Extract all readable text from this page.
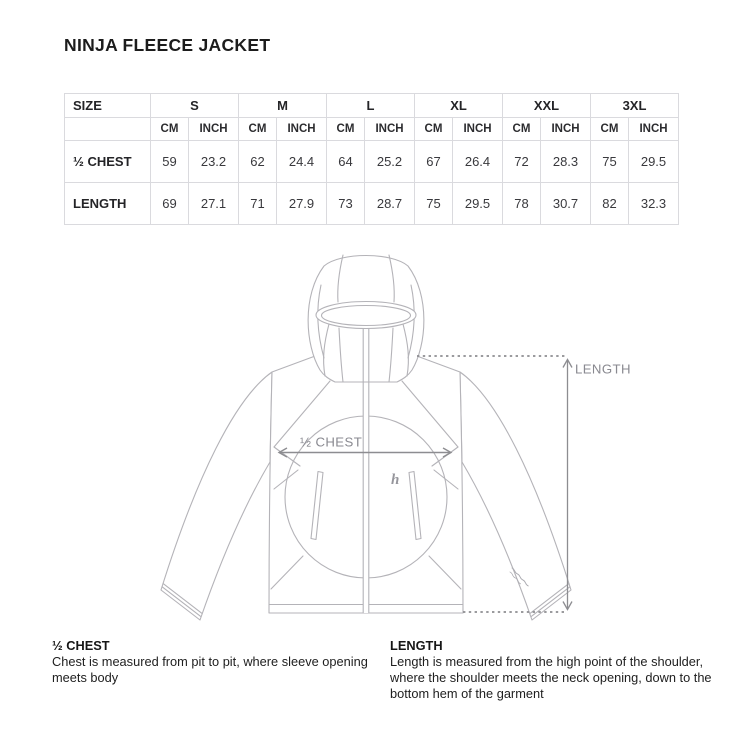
NINJA FLEECE JACKET
SIZE	S	M	L	XL	XXL	3XL
CM	INCH	CM	INCH	CM	INCH	CM	INCH	CM	INCH	CM	INCH
½ CHEST	59	23.2	62	24.4	64	25.2	67	26.4	72	28.3	75	29.5
LENGTH	69	27.1	71	27.9	73	28.7	75	29.5	78	30.7	82	32.3
h
½ CHEST
LENGTH
½ CHEST
Chest is measured from pit to pit, where sleeve opening meets body
LENGTH
Length is measured from the high point of the shoulder, where the shoulder meets the neck opening, down to the bottom hem of the garment
